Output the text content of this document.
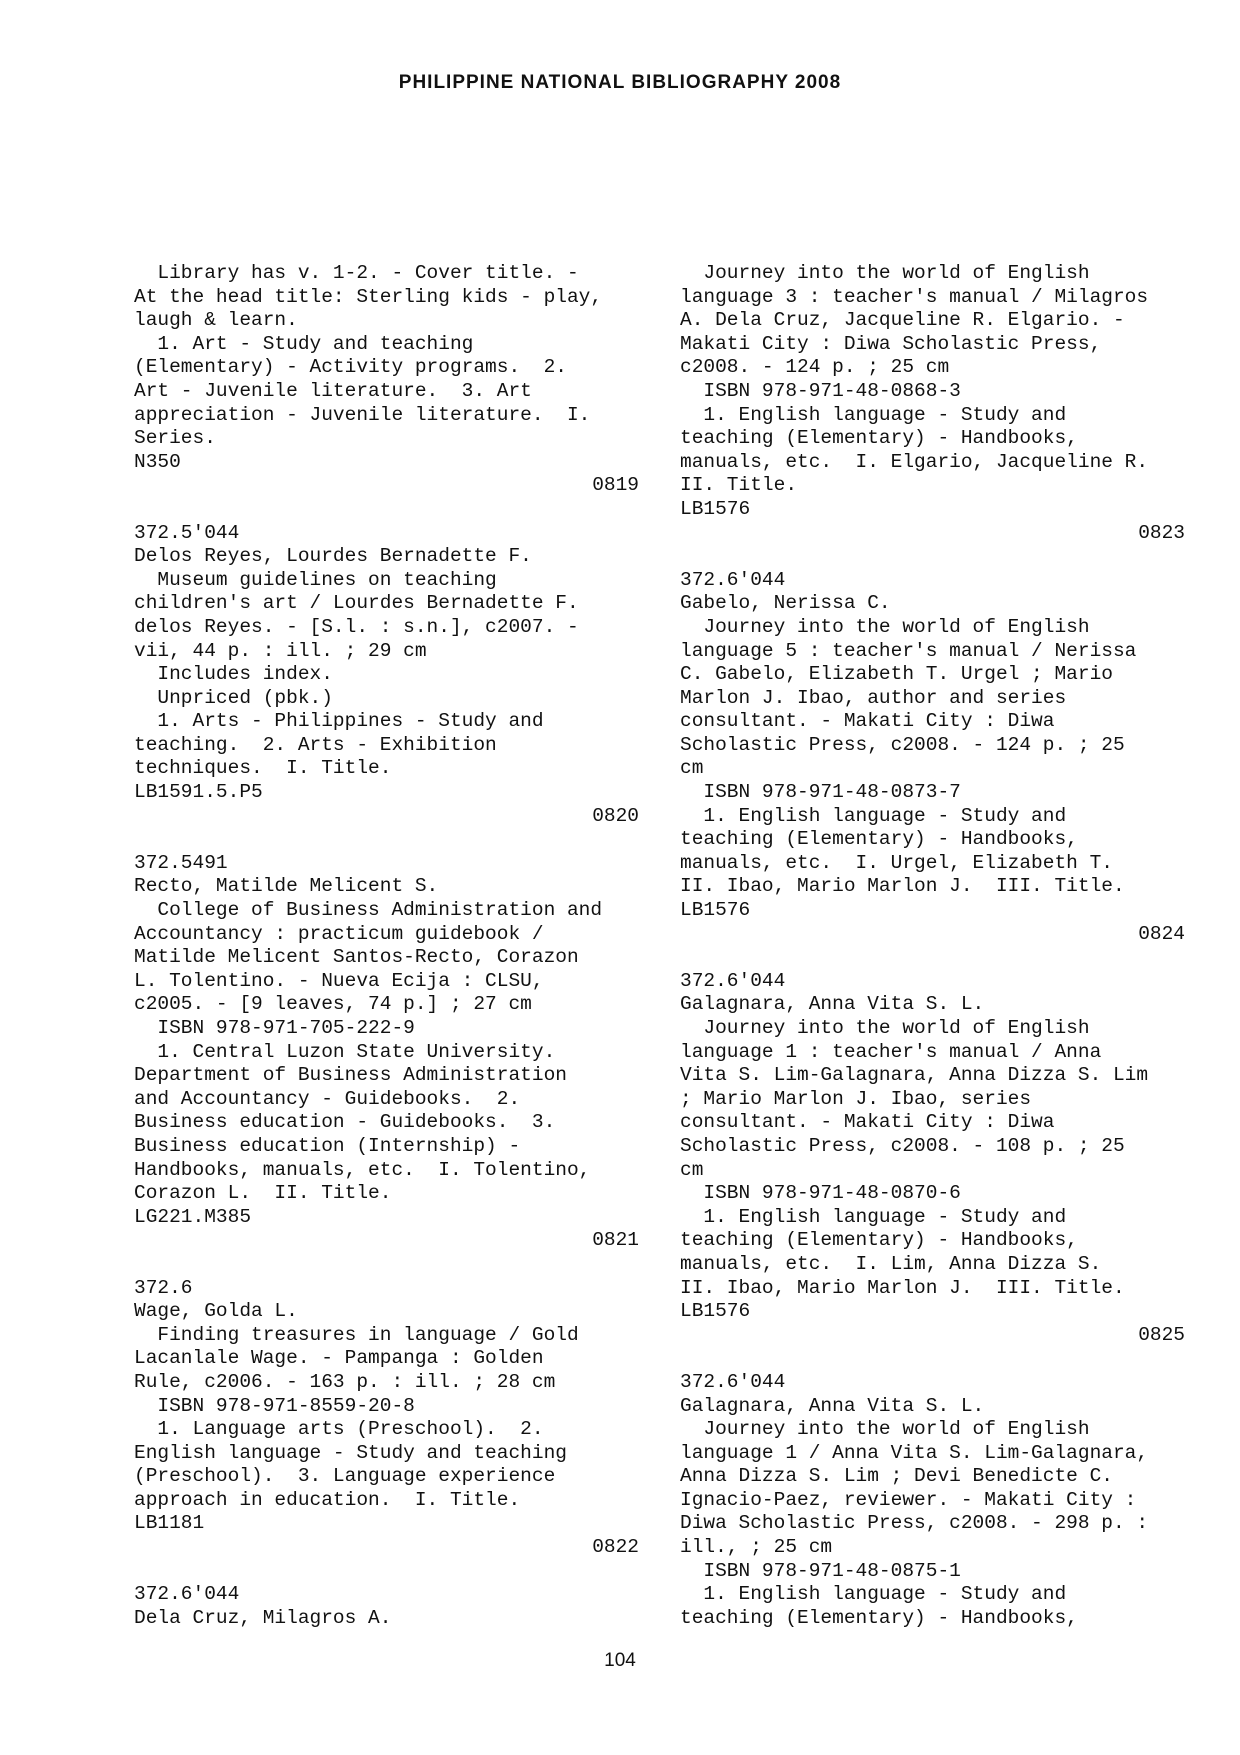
PHILIPPINE NATIONAL BIBLIOGRAPHY 2008
Library has v. 1-2. - Cover title. -
At the head title: Sterling kids - play,
laugh & learn.
1. Art - Study and teaching
(Elementary) - Activity programs.  2.
Art - Juvenile literature.  3. Art
appreciation - Juvenile literature.  I.
Series.
N350
0819
372.5'044
Delos Reyes, Lourdes Bernadette F.
Museum guidelines on teaching
children's art / Lourdes Bernadette F.
delos Reyes. - [S.l. : s.n.], c2007. -
vii, 44 p. : ill. ; 29 cm
Includes index.
Unpriced (pbk.)
1. Arts - Philippines - Study and
teaching.  2. Arts - Exhibition
techniques.  I. Title.
LB1591.5.P5
0820
372.5491
Recto, Matilde Melicent S.
College of Business Administration and
Accountancy : practicum guidebook /
Matilde Melicent Santos-Recto, Corazon
L. Tolentino. - Nueva Ecija : CLSU,
c2005. - [9 leaves, 74 p.] ; 27 cm
ISBN 978-971-705-222-9
1. Central Luzon State University.
Department of Business Administration
and Accountancy - Guidebooks.  2.
Business education - Guidebooks.  3.
Business education (Internship) -
Handbooks, manuals, etc.  I. Tolentino,
Corazon L.  II. Title.
LG221.M385
0821
372.6
Wage, Golda L.
Finding treasures in language / Gold
Lacanlale Wage. - Pampanga : Golden
Rule, c2006. - 163 p. : ill. ; 28 cm
ISBN 978-971-8559-20-8
1. Language arts (Preschool).  2.
English language - Study and teaching
(Preschool).  3. Language experience
approach in education.  I. Title.
LB1181
0822
372.6'044
Dela Cruz, Milagros A.
Journey into the world of English
language 3 : teacher's manual / Milagros
A. Dela Cruz, Jacqueline R. Elgario. -
Makati City : Diwa Scholastic Press,
c2008. - 124 p. ; 25 cm
ISBN 978-971-48-0868-3
1. English language - Study and
teaching (Elementary) - Handbooks,
manuals, etc.  I. Elgario, Jacqueline R.
II. Title.
LB1576
0823
372.6'044
Gabelo, Nerissa C.
Journey into the world of English
language 5 : teacher's manual / Nerissa
C. Gabelo, Elizabeth T. Urgel ; Mario
Marlon J. Ibao, author and series
consultant. - Makati City : Diwa
Scholastic Press, c2008. - 124 p. ; 25
cm
ISBN 978-971-48-0873-7
1. English language - Study and
teaching (Elementary) - Handbooks,
manuals, etc.  I. Urgel, Elizabeth T.
II. Ibao, Mario Marlon J.  III. Title.
LB1576
0824
372.6'044
Galagnara, Anna Vita S. L.
Journey into the world of English
language 1 : teacher's manual / Anna
Vita S. Lim-Galagnara, Anna Dizza S. Lim
; Mario Marlon J. Ibao, series
consultant. - Makati City : Diwa
Scholastic Press, c2008. - 108 p. ; 25
cm
ISBN 978-971-48-0870-6
1. English language - Study and
teaching (Elementary) - Handbooks,
manuals, etc.  I. Lim, Anna Dizza S.
II. Ibao, Mario Marlon J.  III. Title.
LB1576
0825
372.6'044
Galagnara, Anna Vita S. L.
Journey into the world of English
language 1 / Anna Vita S. Lim-Galagnara,
Anna Dizza S. Lim ; Devi Benedicte C.
Ignacio-Paez, reviewer. - Makati City :
Diwa Scholastic Press, c2008. - 298 p. :
ill., ; 25 cm
ISBN 978-971-48-0875-1
1. English language - Study and
teaching (Elementary) - Handbooks,
104
